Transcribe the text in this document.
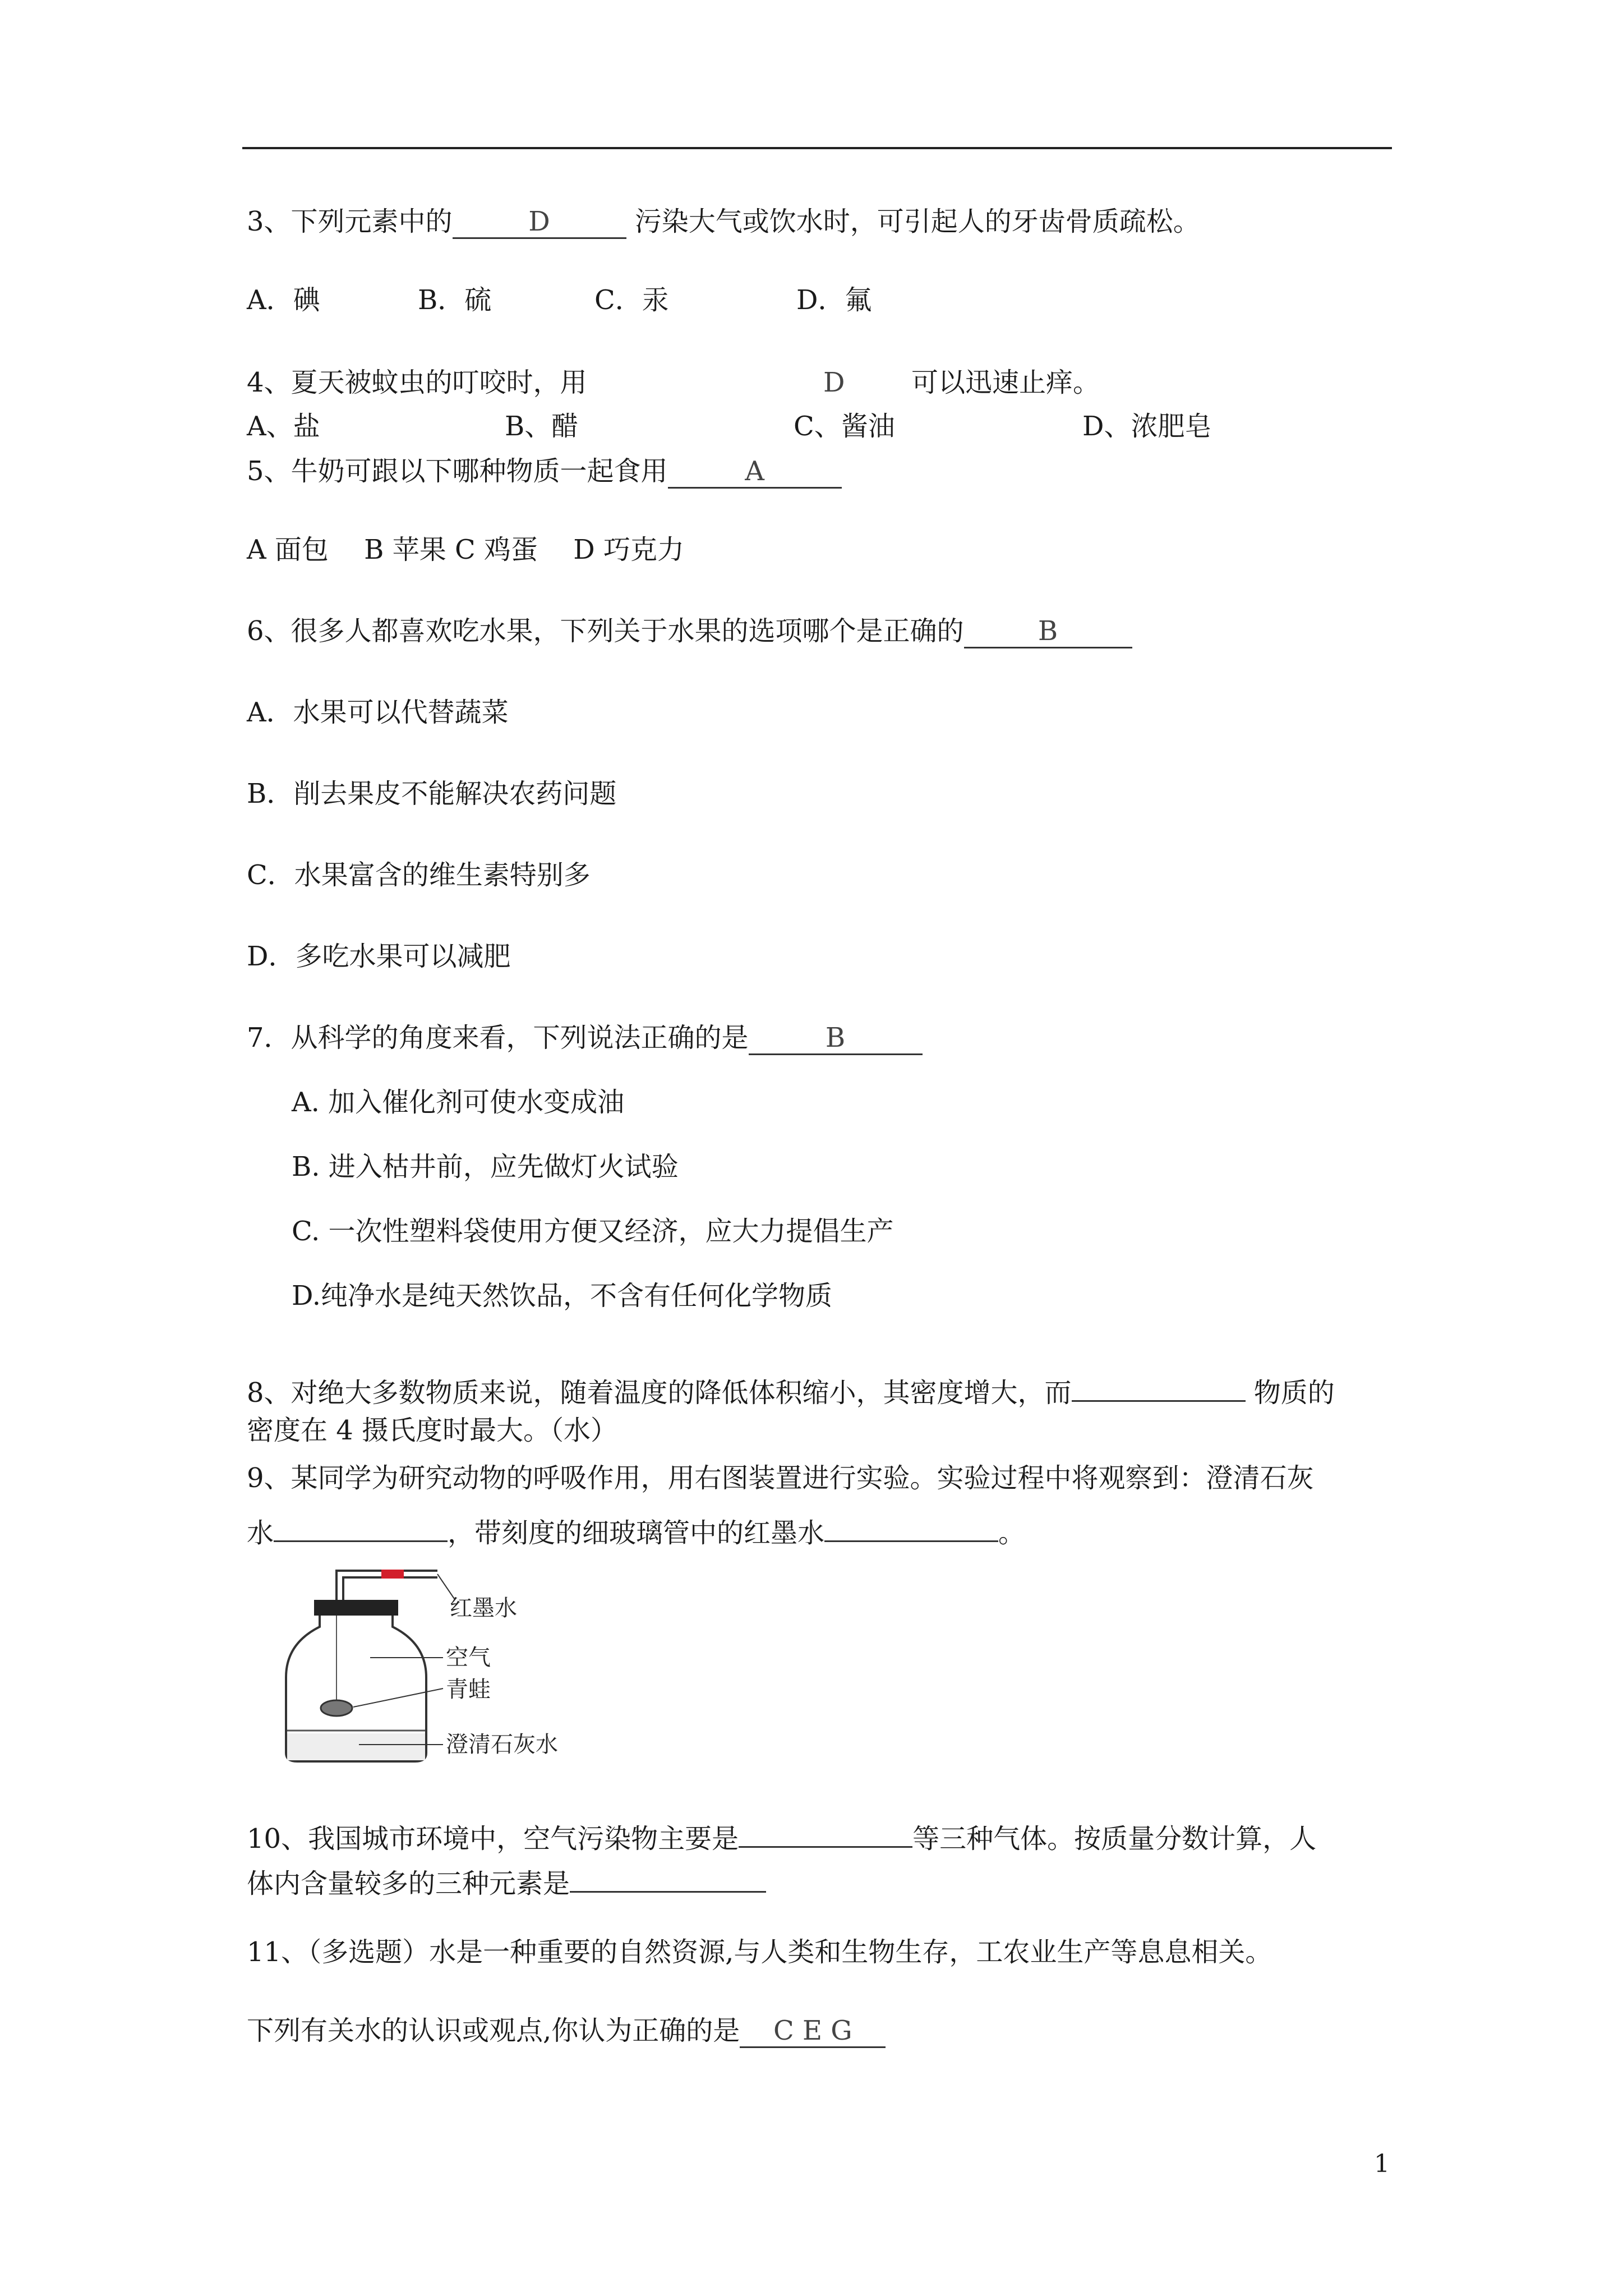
3、下列元素中的	D	污染大气或饮水时，可引起人的牙齿骨质疏松。
A．碘	B．硫	C．汞	D．氟
4、夏天被蚊虫的叮咬时，用	D 可以迅速止痒。
A、盐	B、醋	C、酱油	D、浓肥皂
5、牛奶可跟以下哪种物质一起食用	A
A 面包　 B 苹果 C 鸡蛋　 D 巧克力
6、很多人都喜欢吃水果，下列关于水果的选项哪个是正确的	B
A．水果可以代替蔬菜
B．削去果皮不能解决农药问题
C．水果富含的维生素特别多
D．多吃水果可以减肥
7．从科学的角度来看，下列说法正确的是	B
A. 加入催化剂可使水变成油
B. 进入枯井前，应先做灯火试验
C. 一次性塑料袋使用方便又经济，应大力提倡生产
D.纯净水是纯天然饮品，不含有任何化学物质
8、对绝大多数物质来说，随着温度的降低体积缩小，其密度增大，而	物质的
密度在 4 摄氏度时最大。（水）
9、某同学为研究动物的呼吸作用，用右图装置进行实验。实验过程中将观察到：澄清石灰
水	，带刻度的细玻璃管中的红墨水	。
红墨水
空气
青蛙
澄清石灰水
10、我国城市环境中，空气污染物主要是	等三种气体。按质量分数计算，人
体内含量较多的三种元素是
11、（多选题）水是一种重要的自然资源,与人类和生物生存，工农业生产等息息相关。
下列有关水的认识或观点,你认为正确的是 C E G
1
